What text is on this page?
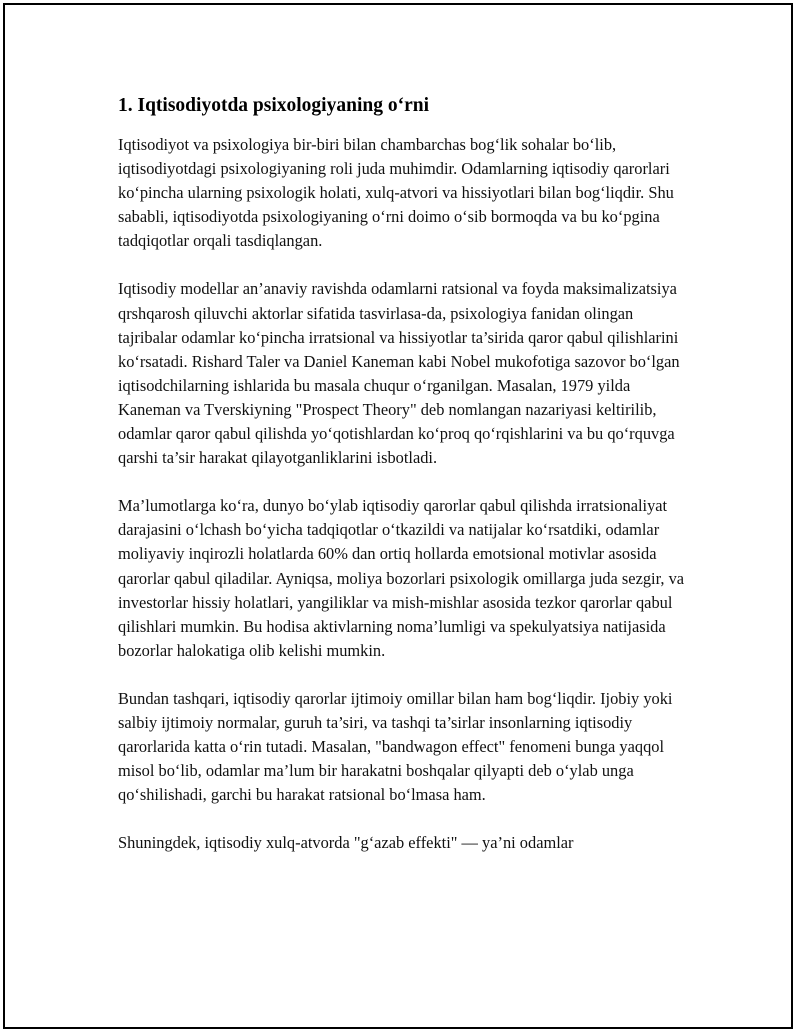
1. Iqtisodiyotda psixologiyaning o‘rni

Iqtisodiyot va psixologiya bir-biri bilan chambarchas bog‘lik sohalar bo‘lib, iqtisodiyotdagi psixologiyaning roli juda muhimdir. Odamlarning iqtisodiy qarorlari ko‘pincha ularning psixologik holati, xulq-atvori va hissiyotlari bilan bog‘liqdir. Shu sababli, iqtisodiyotda psixologiyaning o‘rni doimo o‘sib bormoqda va bu ko‘pgina tadqiqotlar orqali tasdiqlangan.

Iqtisodiy modellar an’anaviy ravishda odamlarni ratsional va foyda maksimalizatsiya qrshqarosh qiluvchi aktorlar sifatida tasvirlasa-da, psixologiya fanidan olingan tajribalar odamlar ko‘pincha irratsional va hissiyotlar ta’sirida qaror qabul qilishlarini ko‘rsatadi. Rishard Taler va Daniel Kaneman kabi Nobel mukofotiga sazovor bo‘lgan iqtisodchilarning ishlarida bu masala chuqur o‘rganilgan. Masalan, 1979 yilda Kaneman va Tverskiyning "Prospect Theory" deb nomlangan nazariyasi keltirilib, odamlar qaror qabul qilishda yo‘qotishlardan ko‘proq qo‘rqishlarini va bu qo‘rquvga qarshi ta’sir harakat qilayotganliklarini isbotladi.

Ma’lumotlarga ko‘ra, dunyo bo‘ylab iqtisodiy qarorlar qabul qilishda irratsionaliyat darajasini o‘lchash bo‘yicha tadqiqotlar o‘tkazildi va natijalar ko‘rsatdiki, odamlar moliyaviy inqirozli holatlarda 60% dan ortiq hollarda emotsional motivlar asosida qarorlar qabul qiladilar. Ayniqsa, moliya bozorlari psixologik omillarga juda sezgir, va investorlar hissiy holatlari, yangiliklar va mish-mishlar asosida tezkor qarorlar qabul qilishlari mumkin. Bu hodisa aktivlarning noma’lumligi va spekulyatsiya natijasida bozorlar halokatiga olib kelishi mumkin.

Bundan tashqari, iqtisodiy qarorlar ijtimoiy omillar bilan ham bog‘liqdir. Ijobiy yoki salbiy ijtimoiy normalar, guruh ta’siri, va tashqi ta’sirlar insonlarning iqtisodiy qarorlarida katta o‘rin tutadi. Masalan, "bandwagon effect" fenomeni bunga yaqqol misol bo‘lib, odamlar ma’lum bir harakatni boshqalar qilyapti deb o‘ylab unga qo‘shilishadi, garchi bu harakat ratsional bo‘lmasa ham.

Shuningdek, iqtisodiy xulq-atvorda "g‘azab effekti" — ya’ni odamlar
